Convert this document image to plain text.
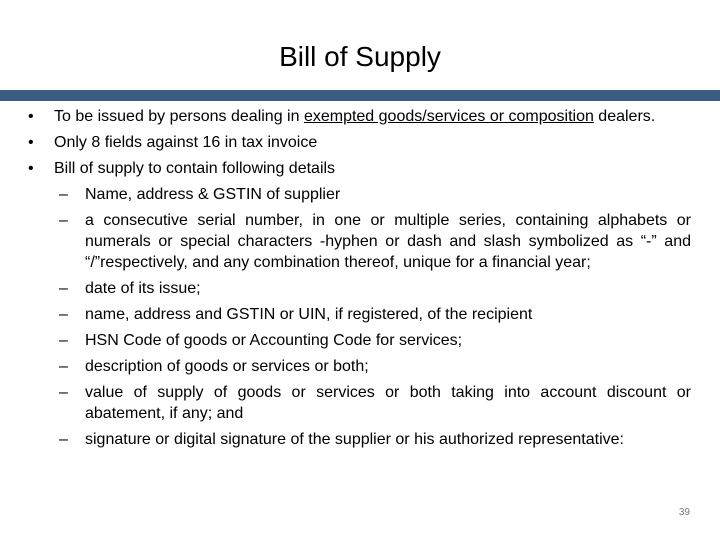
Bill of Supply
• To be issued by persons dealing in exempted goods/services or composition dealers.
• Only 8 fields against 16 in tax invoice
• Bill of supply to contain following details
– Name, address & GSTIN of supplier
– a consecutive serial number, in one or multiple series, containing alphabets or numerals or special characters -hyphen or dash and slash symbolized as “-” and “/”respectively, and any combination thereof, unique for a financial year;
– date of its issue;
– name, address and GSTIN or UIN, if registered, of the recipient
– HSN Code of goods or Accounting Code for services;
– description of goods or services or both;
– value of supply of goods or services or both taking into account discount or abatement, if any; and
– signature or digital signature of the supplier or his authorized representative:
39
